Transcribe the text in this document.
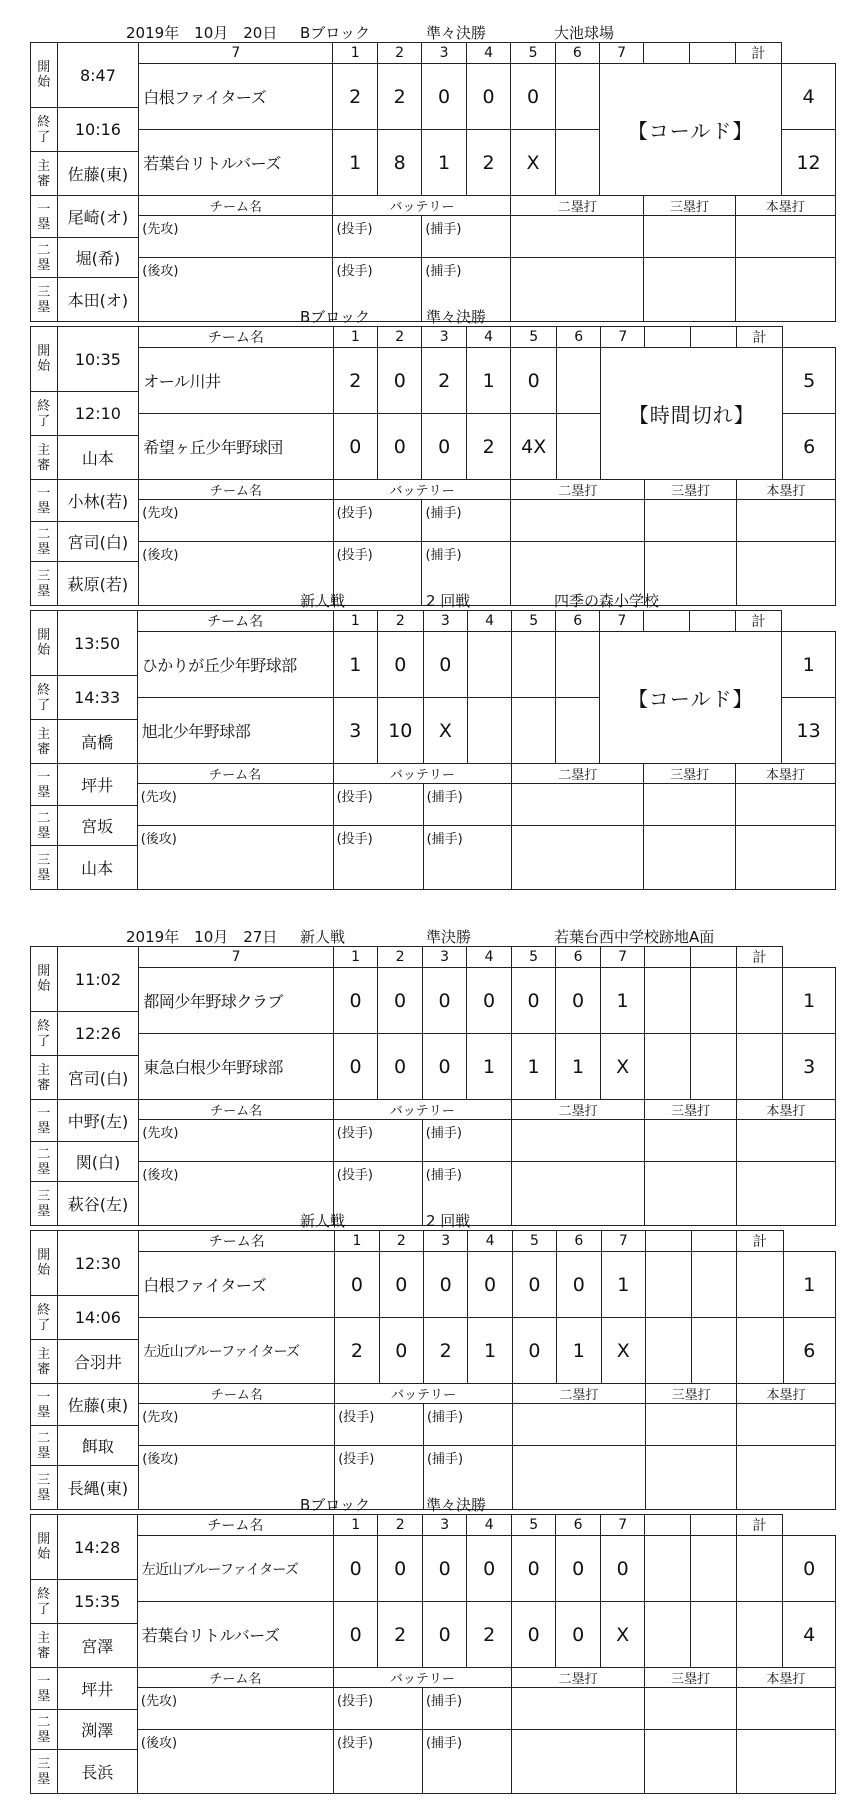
2019年　10月　20日 Bブロック	準々決勝	大池球場
開
始	8:47	7	1	2	3	4	5	6	7			計	
		白根ファイターズ	2	2	0	0	0		【コールド】				4

終
了	10:16												
		若葉台リトルバーズ	1	8	1	2	X						12

主
審	佐藤(東)												

一
塁	尾崎(オ)	チーム名	バッテリー				二塁打			三塁打		本塁打	
		(先攻)	(投手)		(捕手)								

二
塁	堀(希)												
		(後攻)	(投手)		(捕手)								

三
塁	本田(オ)												

Bブロック	準々決勝
開
始	10:35	チーム名	1	2	3	4	5	6	7			計	
		オール川井	2	0	2	1	0		【時間切れ】				5

終
了	12:10												
		希望ヶ丘少年野球団	0	0	0	2	4X						6

主
審	山本												

一
塁	小林(若)	チーム名	バッテリー				二塁打			三塁打		本塁打	
		(先攻)	(投手)		(捕手)								

二
塁	宮司(白)												
		(後攻)	(投手)		(捕手)								

三
塁	萩原(若)												

新人戦	2 回戦	四季の森小学校
開
始	13:50	チーム名	1	2	3	4	5	6	7			計	
		ひかりが丘少年野球部	1	0	0				【コールド】				1

終
了	14:33												
		旭北少年野球部	3	10	X								13

主
審	高橋												

一
塁	坪井	チーム名	バッテリー				二塁打			三塁打		本塁打	
		(先攻)	(投手)		(捕手)								

二
塁	宮坂												
		(後攻)	(投手)		(捕手)								

三
塁	山本												

2019年　10月　27日 新人戦	準決勝	若葉台西中学校跡地A面
開
始	11:02	7	1	2	3	4	5	6	7			計	
		都岡少年野球クラブ	0	0	0	0	0	0	1				1

終
了	12:26												
		東急白根少年野球部	0	0	0	1	1	1	X				3

主
審	宮司(白)												

一
塁	中野(左)	チーム名	バッテリー				二塁打			三塁打		本塁打	
		(先攻)	(投手)		(捕手)								

二
塁	関(白)												
		(後攻)	(投手)		(捕手)								

三
塁	萩谷(左)												

新人戦	2 回戦
開
始	12:30	チーム名	1	2	3	4	5	6	7			計	
		白根ファイターズ	0	0	0	0	0	0	1				1

終
了	14:06												
		左近山ブルーファイターズ	2	0	2	1	0	1	X				6

主
審	合羽井												

一
塁	佐藤(東)	チーム名	バッテリー				二塁打			三塁打		本塁打	
		(先攻)	(投手)		(捕手)								

二
塁	餌取												
		(後攻)	(投手)		(捕手)								

三
塁	長縄(東)												

Bブロック	準々決勝
開
始	14:28	チーム名	1	2	3	4	5	6	7			計	
		左近山ブルーファイターズ	0	0	0	0	0	0	0				0

終
了	15:35												
		若葉台リトルバーズ	0	2	0	2	0	0	X				4

主
審	宮澤												

一
塁	坪井	チーム名	バッテリー				二塁打			三塁打		本塁打	
		(先攻)	(投手)		(捕手)								

二
塁	渕澤												
		(後攻)	(投手)		(捕手)								

三
塁	長浜												
